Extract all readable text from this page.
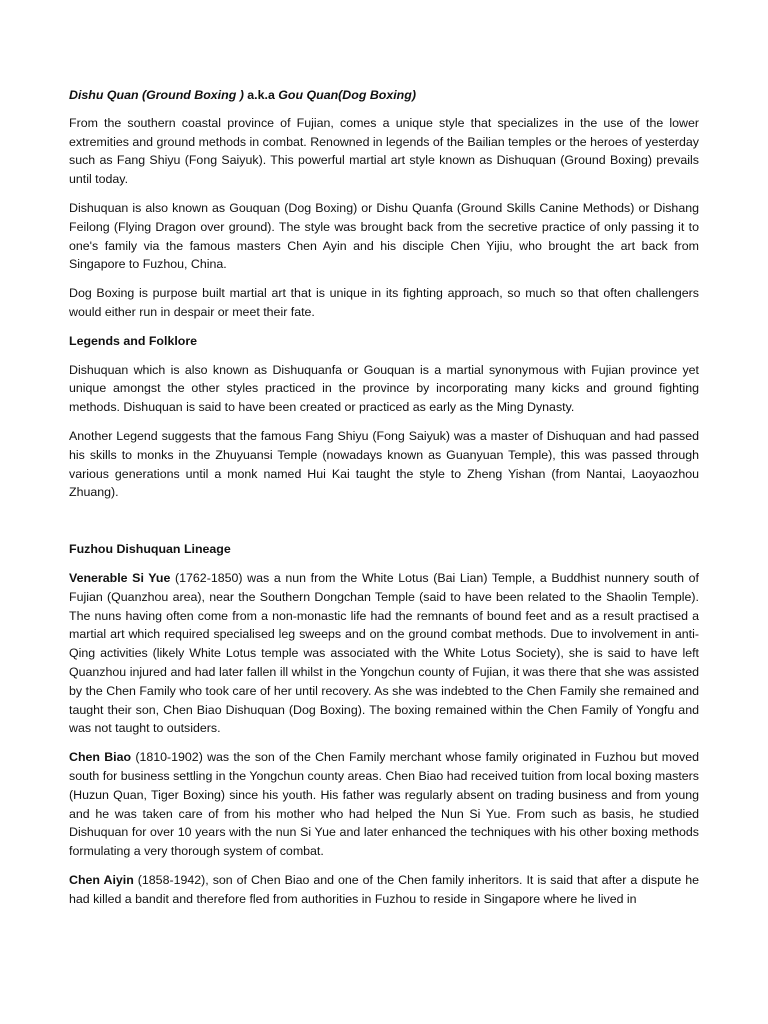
Dishu Quan (Ground Boxing ) a.k.a Gou Quan(Dog Boxing)

From the southern coastal province of Fujian, comes a unique style that specializes in the use of the lower extremities and ground methods in combat. Renowned in legends of the Bailian temples or the heroes of yesterday such as Fang Shiyu (Fong Saiyuk). This powerful martial art style known as Dishuquan (Ground Boxing) prevails until today.

Dishuquan is also known as Gouquan (Dog Boxing) or Dishu Quanfa (Ground Skills Canine Methods) or Dishang Feilong (Flying Dragon over ground). The style was brought back from the secretive practice of only passing it to one's family via the famous masters Chen Ayin and his disciple Chen Yijiu, who brought the art back from Singapore to Fuzhou, China.

Dog Boxing is purpose built martial art that is unique in its fighting approach, so much so that often challengers would either run in despair or meet their fate.

Legends and Folklore

Dishuquan which is also known as Dishuquanfa or Gouquan is a martial synonymous with Fujian province yet unique amongst the other styles practiced in the province by incorporating many kicks and ground fighting methods. Dishuquan is said to have been created or practiced as early as the Ming Dynasty.

Another Legend suggests that the famous Fang Shiyu (Fong Saiyuk) was a master of Dishuquan and had passed his skills to monks in the Zhuyuansi Temple (nowadays known as Guanyuan Temple), this was passed through various generations until a monk named Hui Kai taught the style to Zheng Yishan (from Nantai, Laoyaozhou Zhuang).

Fuzhou Dishuquan Lineage

Venerable Si Yue (1762-1850) was a nun from the White Lotus (Bai Lian) Temple, a Buddhist nunnery south of Fujian (Quanzhou area), near the Southern Dongchan Temple (said to have been related to the Shaolin Temple). The nuns having often come from a non-monastic life had the remnants of bound feet and as a result practised a martial art which required specialised leg sweeps and on the ground combat methods. Due to involvement in anti-Qing activities (likely White Lotus temple was associated with the White Lotus Society), she is said to have left Quanzhou injured and had later fallen ill whilst in the Yongchun county of Fujian, it was there that she was assisted by the Chen Family who took care of her until recovery. As she was indebted to the Chen Family she remained and taught their son, Chen Biao Dishuquan (Dog Boxing). The boxing remained within the Chen Family of Yongfu and was not taught to outsiders.

Chen Biao (1810-1902) was the son of the Chen Family merchant whose family originated in Fuzhou but moved south for business settling in the Yongchun county areas. Chen Biao had received tuition from local boxing masters (Huzun Quan, Tiger Boxing) since his youth. His father was regularly absent on trading business and from young and he was taken care of from his mother who had helped the Nun Si Yue. From such as basis, he studied Dishuquan for over 10 years with the nun Si Yue and later enhanced the techniques with his other boxing methods formulating a very thorough system of combat.

Chen Aiyin (1858-1942), son of Chen Biao and one of the Chen family inheritors. It is said that after a dispute he had killed a bandit and therefore fled from authorities in Fuzhou to reside in Singapore where he lived in
